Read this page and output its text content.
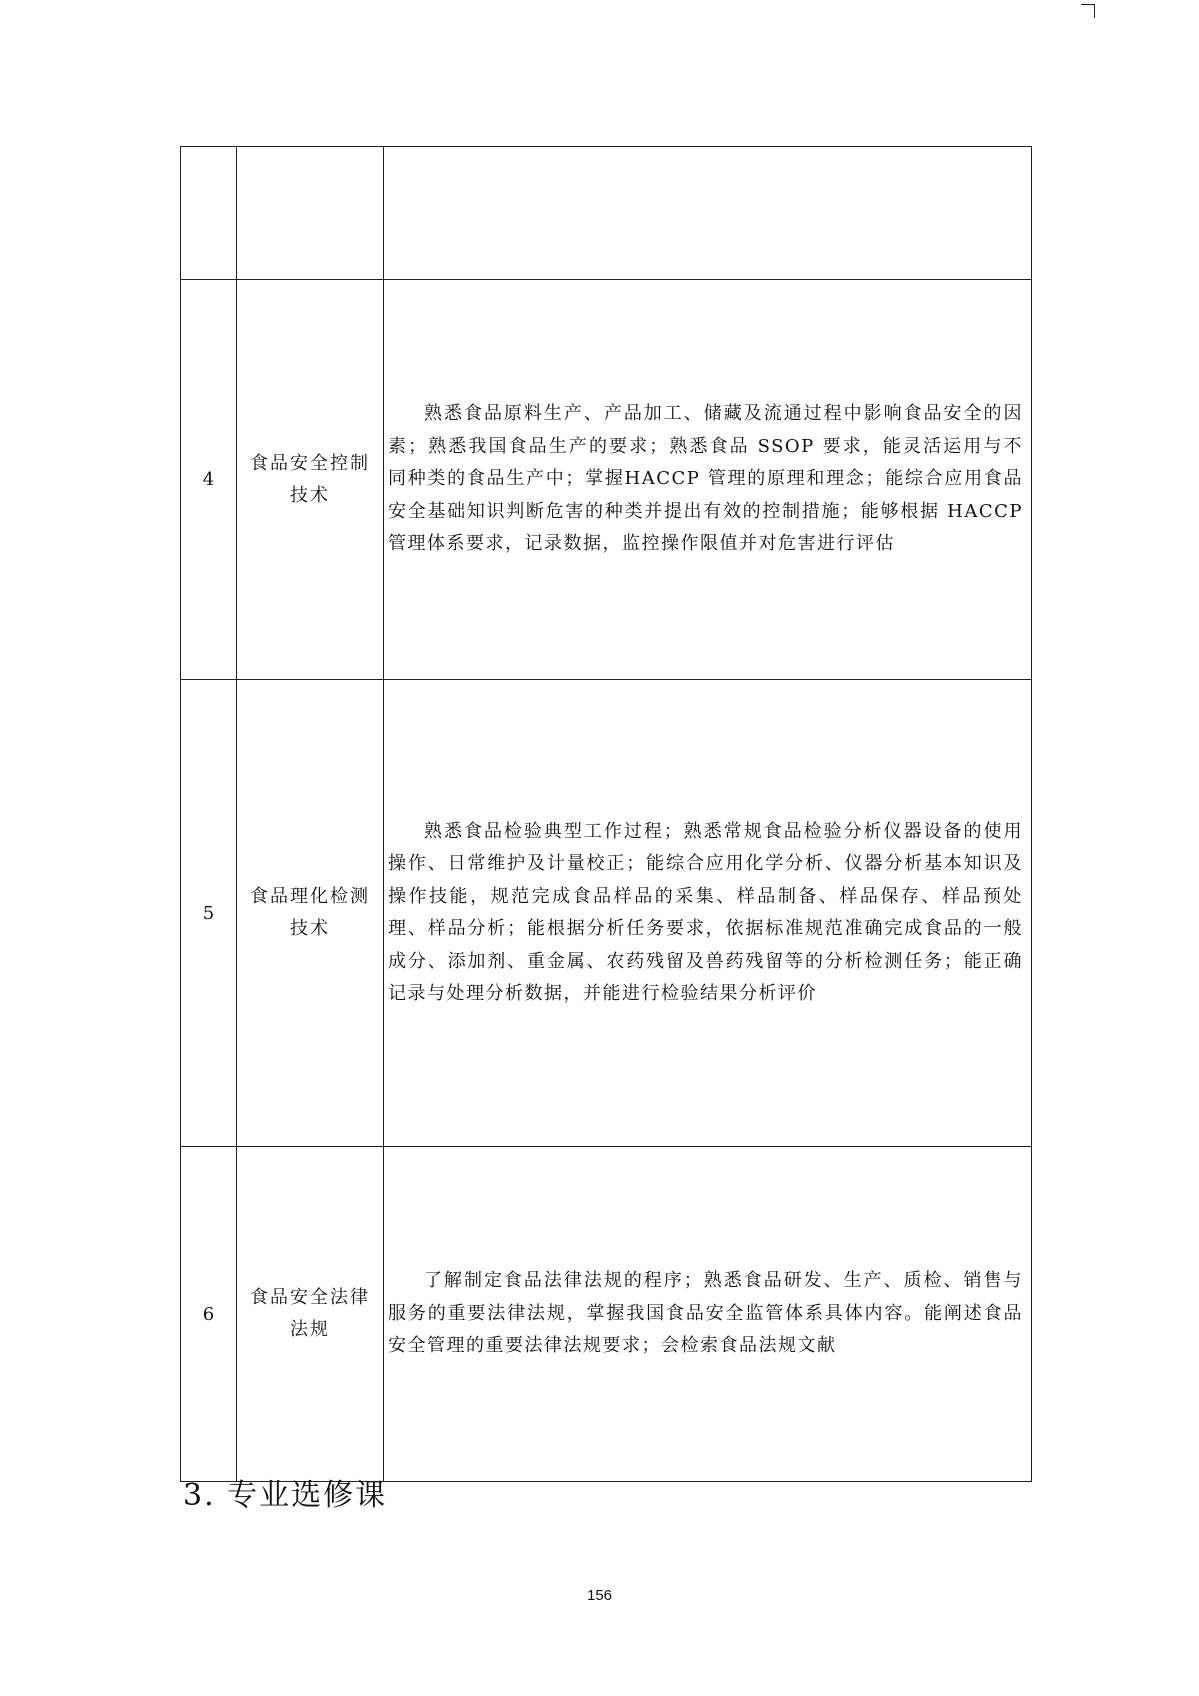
4	食品安全控制技术	熟悉食品原料生产、产品加工、储藏及流通过程中影响食品安全的因素；熟悉我国食品生产的要求；熟悉食品 SSOP 要求，能灵活运用与不同种类的食品生产中；掌握HACCP 管理的原理和理念；能综合应用食品安全基础知识判断危害的种类并提出有效的控制措施；能够根据 HACCP 管理体系要求，记录数据，监控操作限值并对危害进行评估

5	食品理化检测技术	熟悉食品检验典型工作过程；熟悉常规食品检验分析仪器设备的使用操作、日常维护及计量校正；能综合应用化学分析、仪器分析基本知识及操作技能，规范完成食品样品的采集、样品制备、样品保存、样品预处理、样品分析；能根据分析任务要求，依据标准规范准确完成食品的一般成分、添加剂、重金属、农药残留及兽药残留等的分析检测任务；能正确记录与处理分析数据，并能进行检验结果分析评价

6	食品安全法律法规	了解制定食品法律法规的程序；熟悉食品研发、生产、质检、销售与服务的重要法律法规，掌握我国食品安全监管体系具体内容。能阐述食品安全管理的重要法律法规要求；会检索食品法规文献
3. 专业选修课
156
